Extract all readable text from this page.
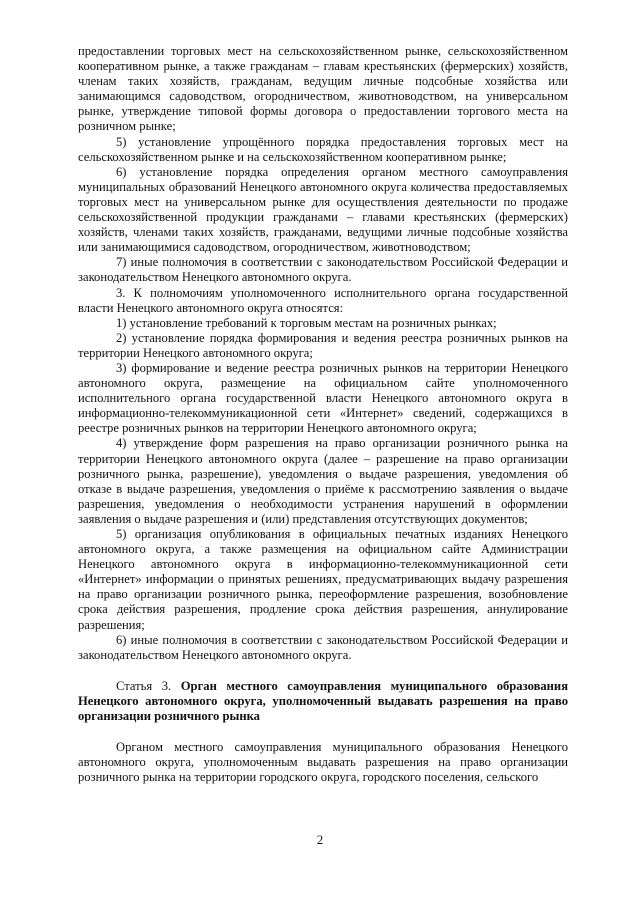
предоставлении торговых мест на сельскохозяйственном рынке, сельскохозяйственном кооперативном рынке, а также гражданам – главам крестьянских (фермерских) хозяйств, членам таких хозяйств, гражданам, ведущим личные подсобные хозяйства или занимающимся садоводством, огородничеством, животноводством, на универсальном рынке, утверждение типовой формы договора о предоставлении торгового места на розничном рынке;

5) установление упрощённого порядка предоставления торговых мест на сельскохозяйственном рынке и на сельскохозяйственном кооперативном рынке;

6) установление порядка определения органом местного самоуправления муниципальных образований Ненецкого автономного округа количества предоставляемых торговых мест на универсальном рынке для осуществления деятельности по продаже сельскохозяйственной продукции гражданами – главами крестьянских (фермерских) хозяйств, членами таких хозяйств, гражданами, ведущими личные подсобные хозяйства или занимающимися садоводством, огородничеством, животноводством;

7) иные полномочия в соответствии с законодательством Российской Федерации и законодательством Ненецкого автономного округа.

3. К полномочиям уполномоченного исполнительного органа государственной власти Ненецкого автономного округа относятся:

1) установление требований к торговым местам на розничных рынках;

2) установление порядка формирования и ведения реестра розничных рынков на территории Ненецкого автономного округа;

3) формирование и ведение реестра розничных рынков на территории Ненецкого автономного округа, размещение на официальном сайте уполномоченного исполнительного органа государственной власти Ненецкого автономного округа в информационно-телекоммуникационной сети «Интернет» сведений, содержащихся в реестре розничных рынков на территории Ненецкого автономного округа;

4) утверждение форм разрешения на право организации розничного рынка на территории Ненецкого автономного округа (далее – разрешение на право организации розничного рынка, разрешение), уведомления о выдаче разрешения, уведомления об отказе в выдаче разрешения, уведомления о приёме к рассмотрению заявления о выдаче разрешения, уведомления о необходимости устранения нарушений в оформлении заявления о выдаче разрешения и (или) представления отсутствующих документов;

5) организация опубликования в официальных печатных изданиях Ненецкого автономного округа, а также размещения на официальном сайте Администрации Ненецкого автономного округа в информационно-телекоммуникационной сети «Интернет» информации о принятых решениях, предусматривающих выдачу разрешения на право организации розничного рынка, переоформление разрешения, возобновление срока действия разрешения, продление срока действия разрешения, аннулирование разрешения;

6) иные полномочия в соответствии с законодательством Российской Федерации и законодательством Ненецкого автономного округа.

Статья 3. Орган местного самоуправления муниципального образования Ненецкого автономного округа, уполномоченный выдавать разрешения на право организации розничного рынка

Органом местного самоуправления муниципального образования Ненецкого автономного округа, уполномоченным выдавать разрешения на право организации розничного рынка на территории городского округа, городского поселения, сельского

2
